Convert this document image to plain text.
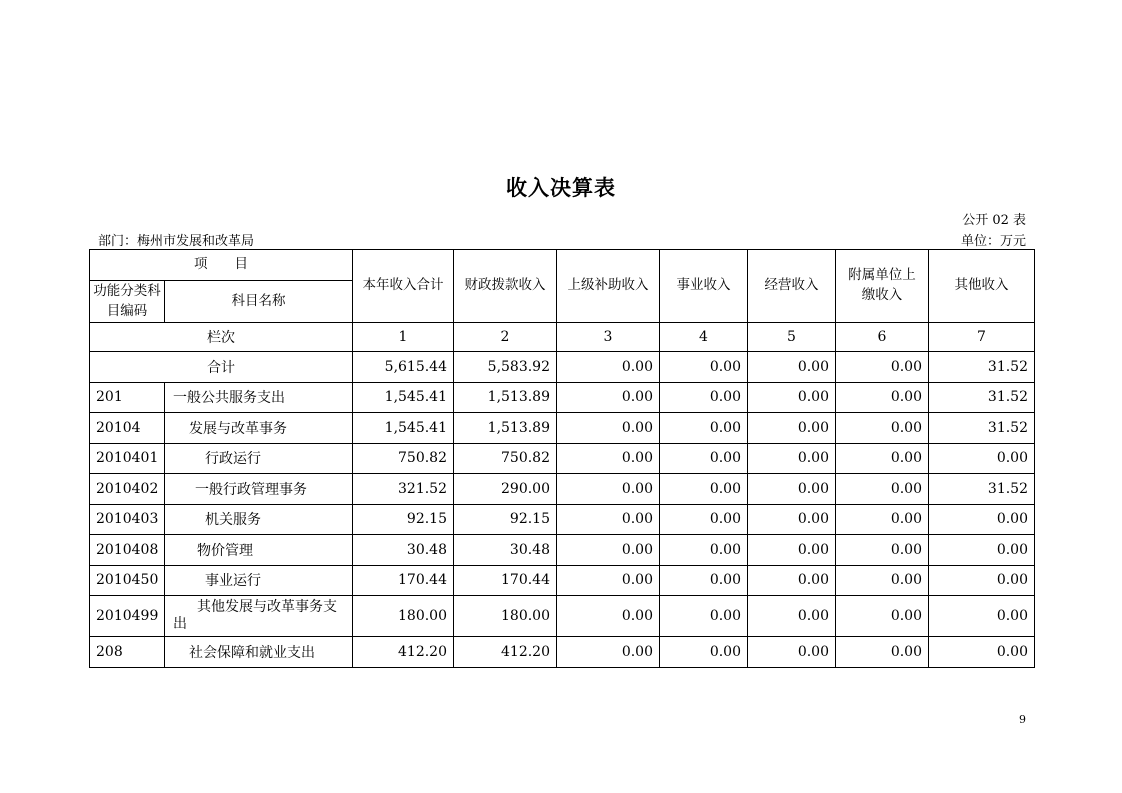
收入决算表
公开 02 表
部门：梅州市发展和改革局	单位：万元
项　　目		本年收入合计	财政拨款收入	上级补助收入	事业收入	经营收入	附属单位上缴收入	其他收入
功能分类科目编码	科目名称							
栏次		1	2	3	4	5	6	7
合计		5,615.44	5,583.92	0.00	0.00	0.00	0.00	31.52
201	一般公共服务支出	1,545.41	1,513.89	0.00	0.00	0.00	0.00	31.52
20104	发展与改革事务	1,545.41	1,513.89	0.00	0.00	0.00	0.00	31.52
2010401	行政运行	750.82	750.82	0.00	0.00	0.00	0.00	0.00
2010402	一般行政管理事务	321.52	290.00	0.00	0.00	0.00	0.00	31.52
2010403	机关服务	92.15	92.15	0.00	0.00	0.00	0.00	0.00
2010408	物价管理	30.48	30.48	0.00	0.00	0.00	0.00	0.00
2010450	事业运行	170.44	170.44	0.00	0.00	0.00	0.00	0.00
2010499	其他发展与改革事务支出	180.00	180.00	0.00	0.00	0.00	0.00	0.00
208	社会保障和就业支出	412.20	412.20	0.00	0.00	0.00	0.00	0.00
9
